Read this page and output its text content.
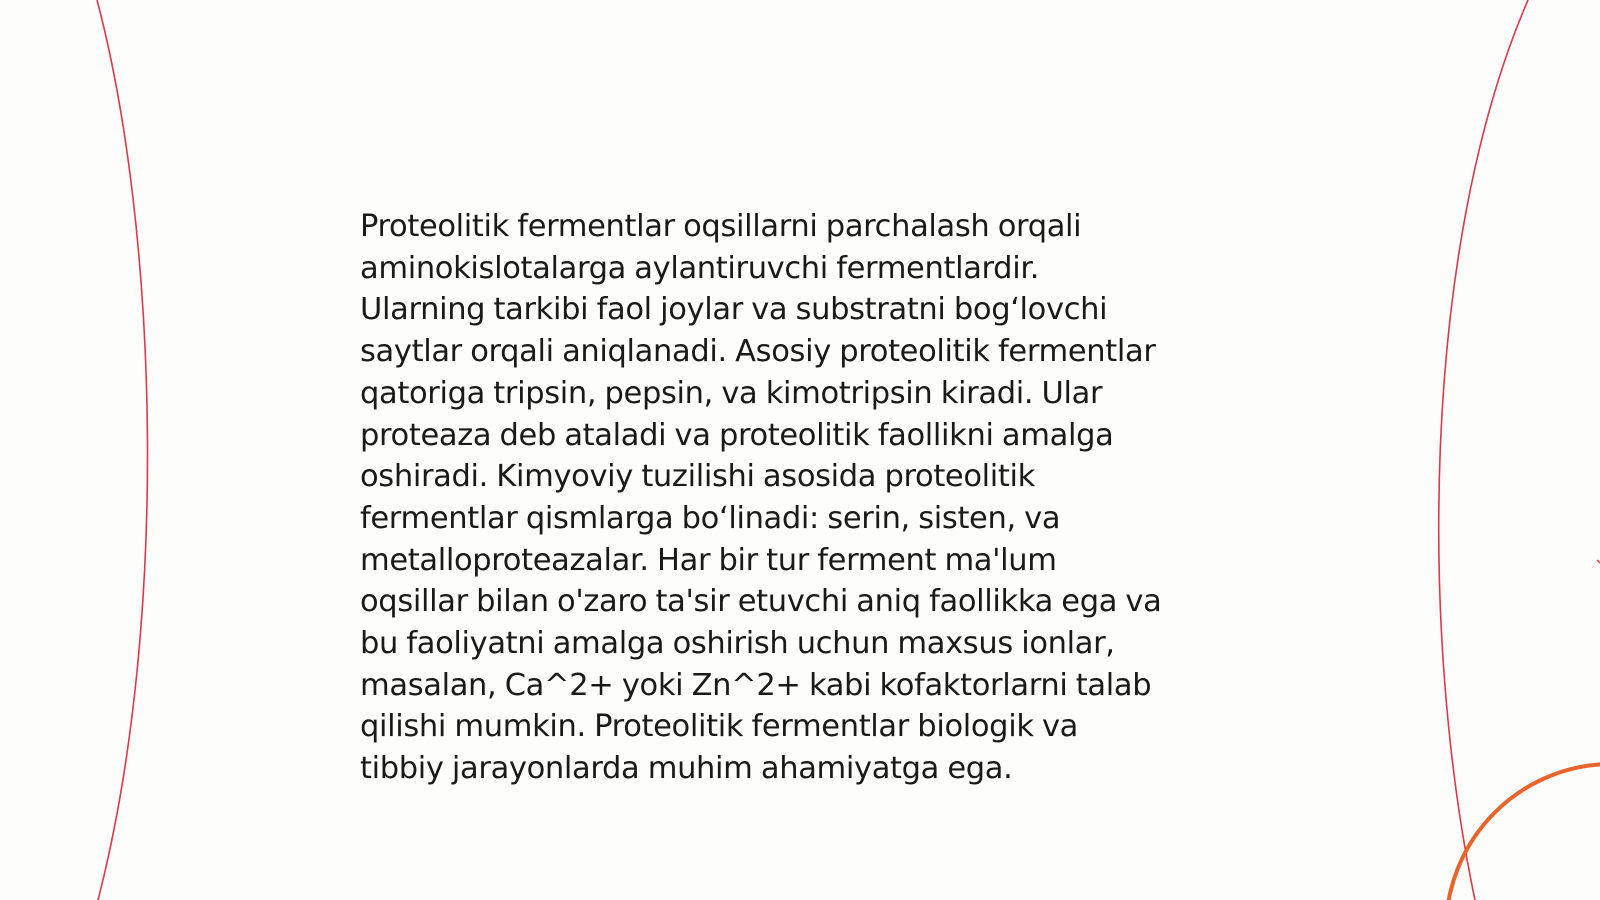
Proteolitik fermentlar oqsillarni parchalash orqali
aminokislotalarga aylantiruvchi fermentlardir.
Ularning tarkibi faol joylar va substratni bog‘lovchi
saytlar orqali aniqlanadi. Asosiy proteolitik fermentlar
qatoriga tripsin, pepsin, va kimotripsin kiradi. Ular
proteaza deb ataladi va proteolitik faollikni amalga
oshiradi. Kimyoviy tuzilishi asosida proteolitik
fermentlar qismlarga bo‘linadi: serin, sisten, va
metalloproteazalar. Har bir tur ferment ma'lum
oqsillar bilan o'zaro ta'sir etuvchi aniq faollikka ega va
bu faoliyatni amalga oshirish uchun maxsus ionlar,
masalan, Ca^2+ yoki Zn^2+ kabi kofaktorlarni talab
qilishi mumkin. Proteolitik fermentlar biologik va
tibbiy jarayonlarda muhim ahamiyatga ega.
